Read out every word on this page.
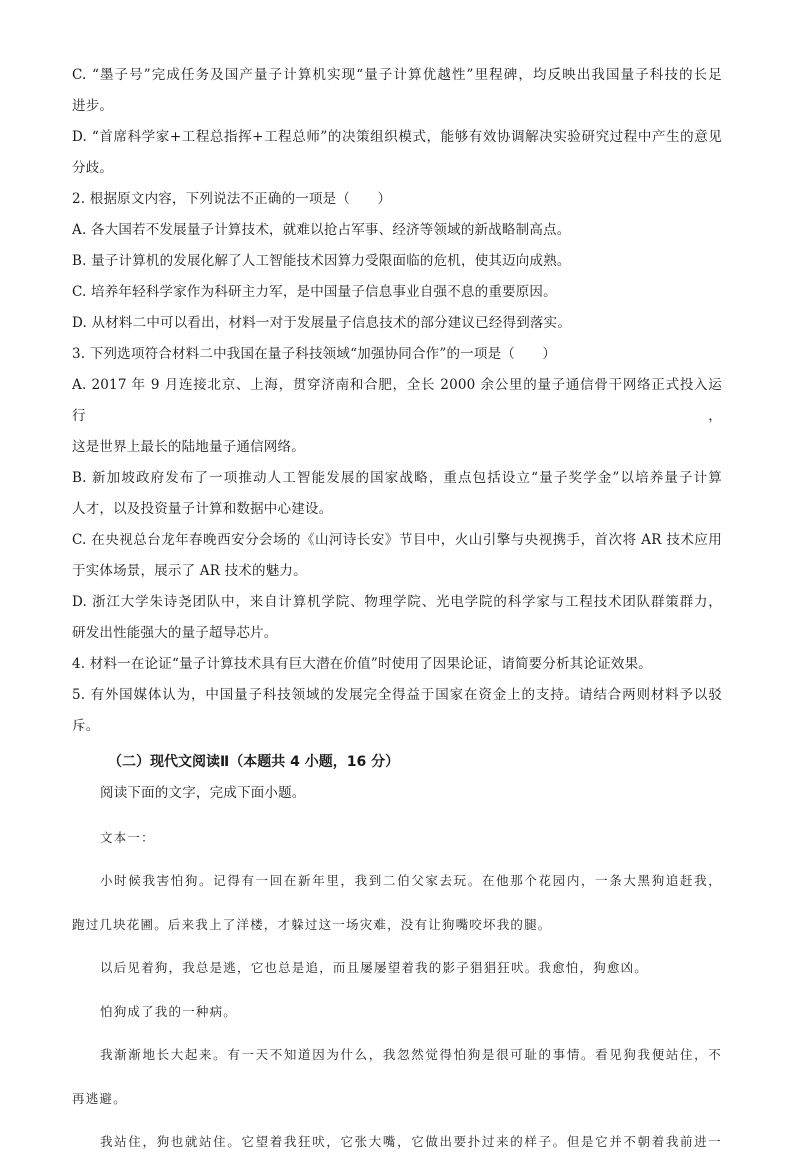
C. “墨子号”完成任务及国产量子计算机实现“量子计算优越性”里程碑，均反映出我国量子科技的长足

进步。

D. “首席科学家+工程总指挥+工程总师”的决策组织模式，能够有效协调解决实验研究过程中产生的意见

分歧。

2. 根据原文内容，下列说法不正确的一项是（　　）

A. 各大国若不发展量子计算技术，就难以抢占军事、经济等领域的新战略制高点。

B. 量子计算机的发展化解了人工智能技术因算力受限面临的危机，使其迈向成熟。

C. 培养年轻科学家作为科研主力军，是中国量子信息事业自强不息的重要原因。

D. 从材料二中可以看出，材料一对于发展量子信息技术的部分建议已经得到落实。

3. 下列选项符合材料二中我国在量子科技领域“加强协同合作”的一项是（　　）

A. 2017 年 9 月连接北京、上海，贯穿济南和合肥，全长 2000 余公里的量子通信骨干网络正式投入运行，

这是世界上最长的陆地量子通信网络。

B. 新加坡政府发布了一项推动人工智能发展的国家战略，重点包括设立“量子奖学金”以培养量子计算

人才，以及投资量子计算和数据中心建设。

C. 在央视总台龙年春晚西安分会场的《山河诗长安》节目中，火山引擎与央视携手，首次将 AR 技术应用

于实体场景，展示了 AR 技术的魅力。

D. 浙江大学朱诗尧团队中，来自计算机学院、物理学院、光电学院的科学家与工程技术团队群策群力，

研发出性能强大的量子超导芯片。

4. 材料一在论证“量子计算技术具有巨大潜在价值”时使用了因果论证，请简要分析其论证效果。

5. 有外国媒体认为，中国量子科技领域的发展完全得益于国家在资金上的支持。请结合两则材料予以驳

斥。

（二）现代文阅读Ⅱ（本题共 4 小题，16 分）

阅读下面的文字，完成下面小题。

文本一：

小时候我害怕狗。记得有一回在新年里，我到二伯父家去玩。在他那个花园内，一条大黑狗追赶我，

跑过几块花圃。后来我上了洋楼，才躲过这一场灾难，没有让狗嘴咬坏我的腿。

以后见着狗，我总是逃，它也总是追，而且屡屡望着我的影子猖猖狂吠。我愈怕，狗愈凶。

怕狗成了我的一种病。

我渐渐地长大起来。有一天不知道因为什么，我忽然觉得怕狗是很可耻的事情。看见狗我便站住，不

再逃避。

我站住，狗也就站住。它望着我狂吠，它张大嘴，它做出要扑过来的样子。但是它并不朝着我前进一
